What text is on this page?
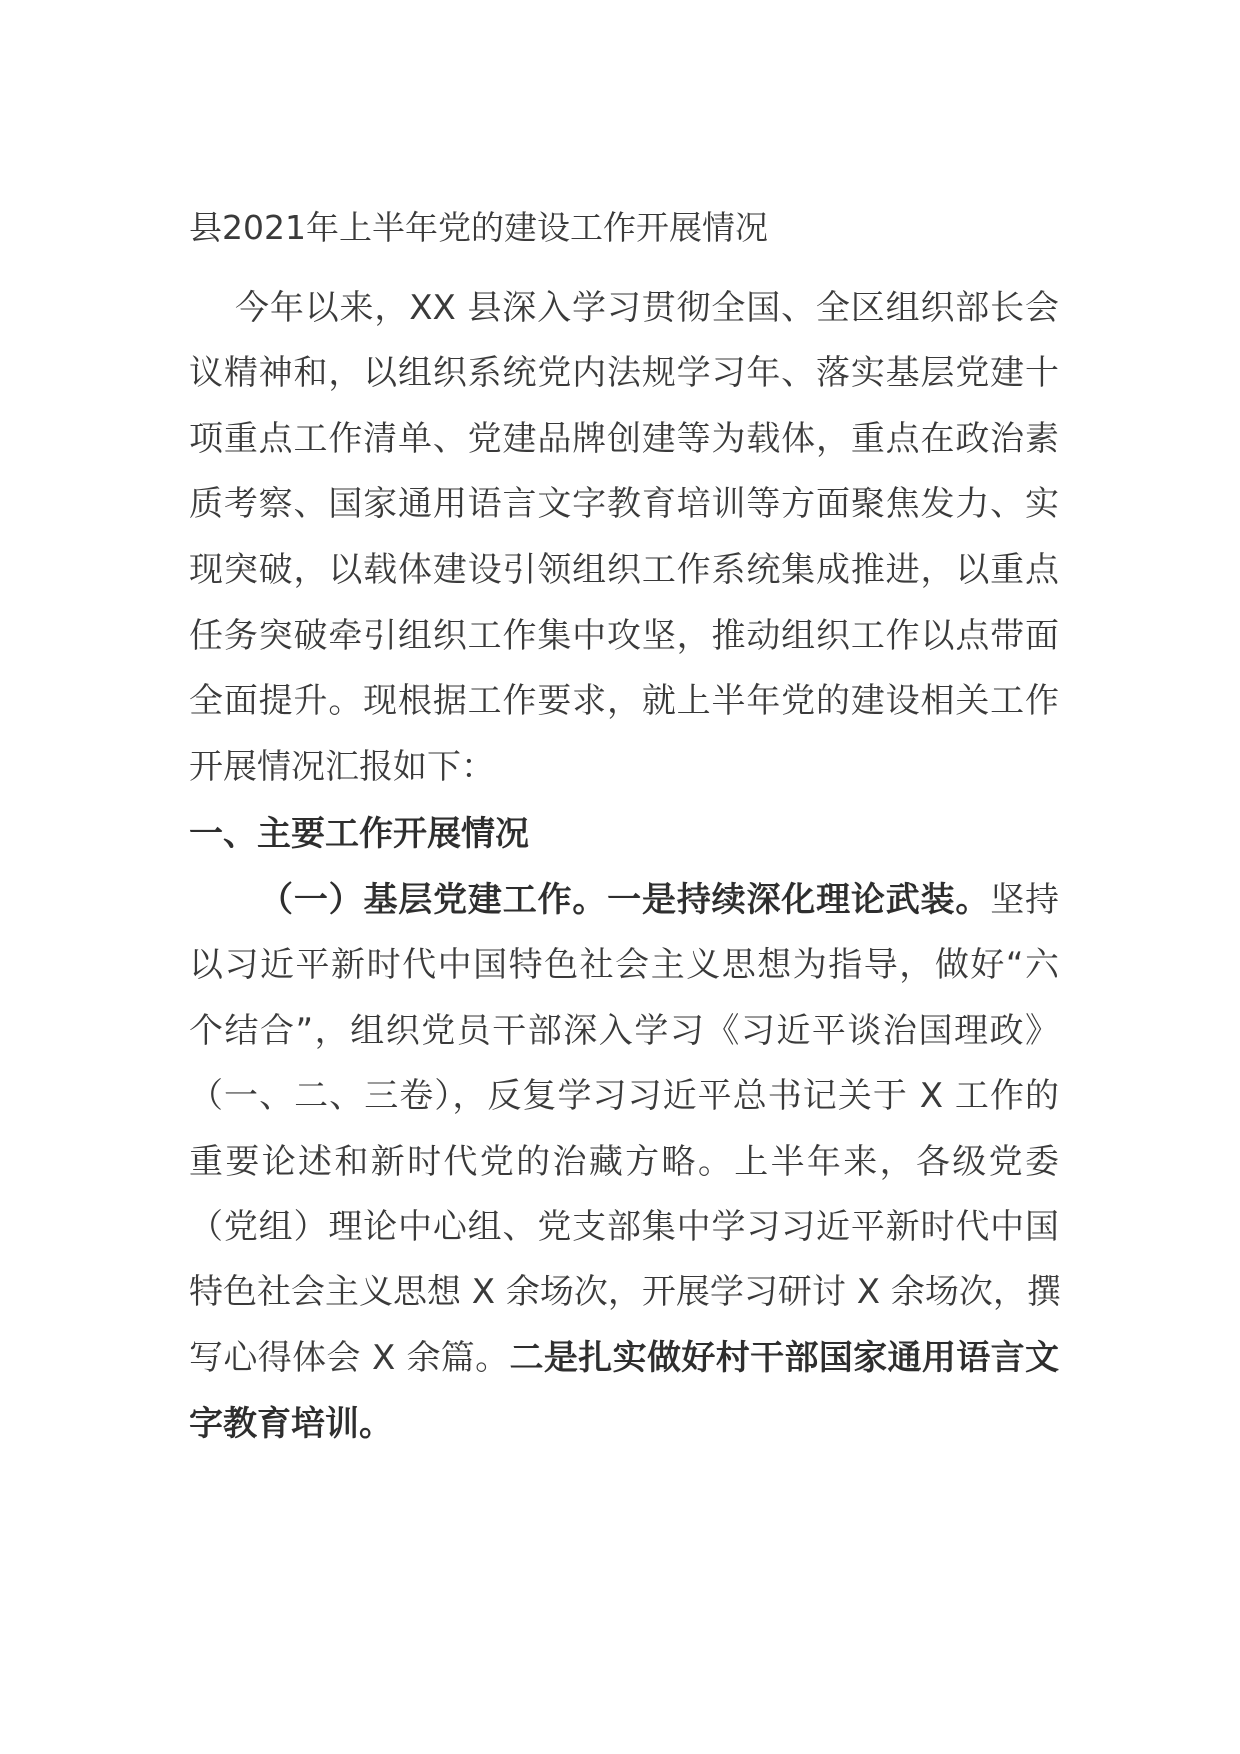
县2021年上半年党的建设工作开展情况
今年以来，XX 县深入学习贯彻全国、全区组织部长会
议精神和，以组织系统党内法规学习年、落实基层党建十
项重点工作清单、党建品牌创建等为载体，重点在政治素
质考察、国家通用语言文字教育培训等方面聚焦发力、实
现突破，以载体建设引领组织工作系统集成推进，以重点
任务突破牵引组织工作集中攻坚，推动组织工作以点带面
全面提升。现根据工作要求，就上半年党的建设相关工作
开展情况汇报如下：
一、主要工作开展情况
（一）基层党建工作。一是持续深化理论武装。坚持
以习近平新时代中国特色社会主义思想为指导，做好“六
个结合”，组织党员干部深入学习《习近平谈治国理政》
（一、二、三卷），反复学习习近平总书记关于 X 工作的
重要论述和新时代党的治藏方略。上半年来，各级党委
（党组）理论中心组、党支部集中学习习近平新时代中国
特色社会主义思想 X 余场次，开展学习研讨 X 余场次，撰
写心得体会 X 余篇。二是扎实做好村干部国家通用语言文
字教育培训。
